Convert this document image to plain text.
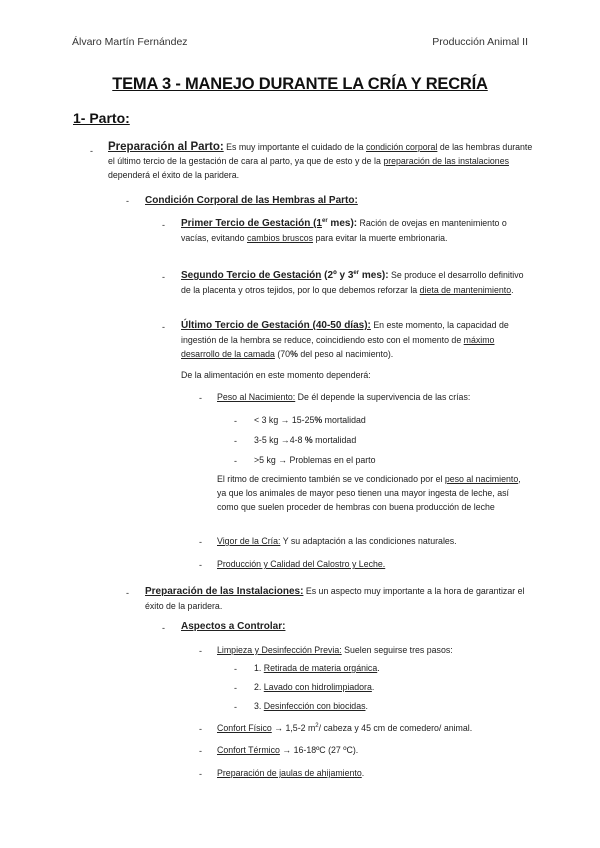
Álvaro Martín Fernández	Producción Animal II
TEMA 3 - MANEJO DURANTE LA CRÍA Y RECRÍA
1- Parto:
- Preparación al Parto: Es muy importante el cuidado de la condición corporal de las hembras durante el último tercio de la gestación de cara al parto, ya que de esto y de la preparación de las instalaciones dependerá el éxito de la paridera.
- Condición Corporal de las Hembras al Parto:
- Primer Tercio de Gestación (1er mes): Ración de ovejas en mantenimiento o vacías, evitando cambios bruscos para evitar la muerte embrionaria.
- Segundo Tercio de Gestación (2º y 3er mes): Se produce el desarrollo definitivo de la placenta y otros tejidos, por lo que debemos reforzar la dieta de mantenimiento.
- Último Tercio de Gestación (40-50 días): En este momento, la capacidad de ingestión de la hembra se reduce, coincidiendo esto con el momento de máximo desarrollo de la camada (70% del peso al nacimiento).
De la alimentación en este momento dependerá:
- Peso al Nacimiento: De él depende la supervivencia de las crías:
- < 3 kg → 15-25% mortalidad
- 3-5 kg →4-8 % mortalidad
- >5 kg → Problemas en el parto
El ritmo de crecimiento también se ve condicionado por el peso al nacimiento, ya que los animales de mayor peso tienen una mayor ingesta de leche, así como que suelen proceder de hembras con buena producción de leche
- Vigor de la Cría: Y su adaptación a las condiciones naturales.
- Producción y Calidad del Calostro y Leche.
- Preparación de las Instalaciones: Es un aspecto muy importante a la hora de garantizar el éxito de la paridera.
- Aspectos a Controlar:
- Limpieza y Desinfección Previa: Suelen seguirse tres pasos:
- 1. Retirada de materia orgánica.
- 2. Lavado con hidrolimpiadora.
- 3. Desinfección con biocidas.
- Confort Físico → 1,5-2 $m^2/$ cabeza y 45 cm de comedero/ animal.
- Confort Térmico → 16-18ºC (27 ºC).
- Preparación de jaulas de ahijamiento.
